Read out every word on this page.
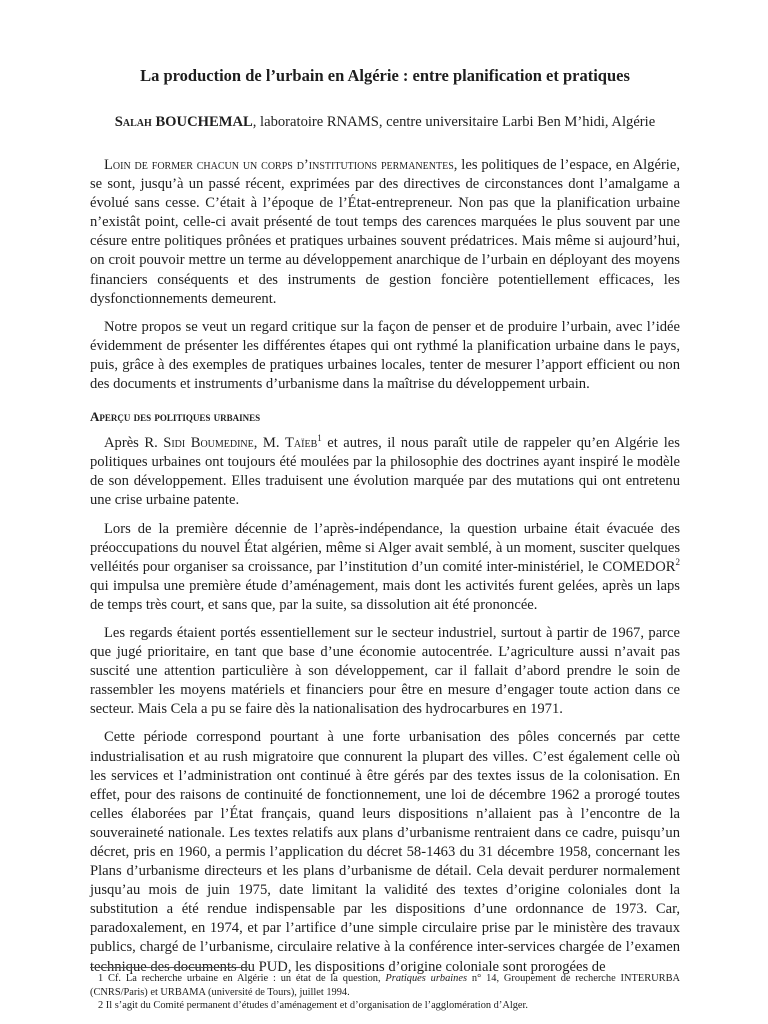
La production de l’urbain en Algérie : entre planification et pratiques
Salah BOUCHEMAL, laboratoire RNAMS, centre universitaire Larbi Ben M’hidi, Algérie

Loin de former chacun un corps d’institutions permanentes, les politiques de l’espace, en Algérie, se sont, jusqu’à un passé récent, exprimées par des directives de circonstances dont l’amalgame a évolué sans cesse. C’était à l’époque de l’État-entrepreneur. Non pas que la planification urbaine n’existât point, celle-ci avait présenté de tout temps des carences marquées le plus souvent par une césure entre politiques prônées et pratiques urbaines souvent prédatrices. Mais même si aujourd’hui, on croit pouvoir mettre un terme au développement anarchique de l’urbain en déployant des moyens financiers conséquents et des instruments de gestion foncière potentiellement efficaces, les dysfonctionnements demeurent.

Notre propos se veut un regard critique sur la façon de penser et de produire l’urbain, avec l’idée évidemment de présenter les différentes étapes qui ont rythmé la planification urbaine dans le pays, puis, grâce à des exemples de pratiques urbaines locales, tenter de mesurer l’apport efficient ou non des documents et instruments d’urbanisme dans la maîtrise du développement urbain.

Aperçu des politiques urbaines

Après R. Sidi Boumedine, M. Taïeb$^1$ et autres, il nous paraît utile de rappeler qu’en Algérie les politiques urbaines ont toujours été moulées par la philosophie des doctrines ayant inspiré le modèle de son développement. Elles traduisent une évolution marquée par des mutations qui ont entretenu une crise urbaine patente.

Lors de la première décennie de l’après-indépendance, la question urbaine était évacuée des préoccupations du nouvel État algérien, même si Alger avait semblé, à un moment, susciter quelques velléités pour organiser sa croissance, par l’institution d’un comité inter-ministériel, le COMEDOR$^2$ qui impulsa une première étude d’aménagement, mais dont les activités furent gelées, après un laps de temps très court, et sans que, par la suite, sa dissolution ait été prononcée.

Les regards étaient portés essentiellement sur le secteur industriel, surtout à partir de 1967, parce que jugé prioritaire, en tant que base d’une économie autocentrée. L’agriculture aussi n’avait pas suscité une attention particulière à son développement, car il fallait d’abord prendre le soin de rassembler les moyens matériels et financiers pour être en mesure d’engager toute action dans ce secteur. Mais Cela a pu se faire dès la nationalisation des hydrocarbures en 1971.

Cette période correspond pourtant à une forte urbanisation des pôles concernés par cette industrialisation et au rush migratoire que connurent la plupart des villes. C’est également celle où les services et l’administration ont continué à être gérés par des textes issus de la colonisation. En effet, pour des raisons de continuité de fonctionnement, une loi de décembre 1962 a prorogé toutes celles élaborées par l’État français, quand leurs dispositions n’allaient pas à l’encontre de la souveraineté nationale. Les textes relatifs aux plans d’urbanisme rentraient dans ce cadre, puisqu’un décret, pris en 1960, a permis l’application du décret 58-1463 du 31 décembre 1958, concernant les Plans d’urbanisme directeurs et les plans d’urbanisme de détail. Cela devait perdurer normalement jusqu’au mois de juin 1975, date limitant la validité des textes d’origine coloniales dont la substitution a été rendue indispensable par les dispositions d’une ordonnance de 1973. Car, paradoxalement, en 1974, et par l’artifice d’une simple circulaire prise par le ministère des travaux publics, chargé de l’urbanisme, circulaire relative à la conférence inter-services chargée de l’examen technique des documents du PUD, les dispositions d’origine coloniale sont prorogées de

1 Cf. La recherche urbaine en Algérie : un état de la question, Pratiques urbaines n° 14, Groupement de recherche INTERURBA (CNRS/Paris) et URBAMA (université de Tours), juillet 1994.
2 Il s’agit du Comité permanent d’études d’aménagement et d’organisation de l’agglomération d’Alger.
